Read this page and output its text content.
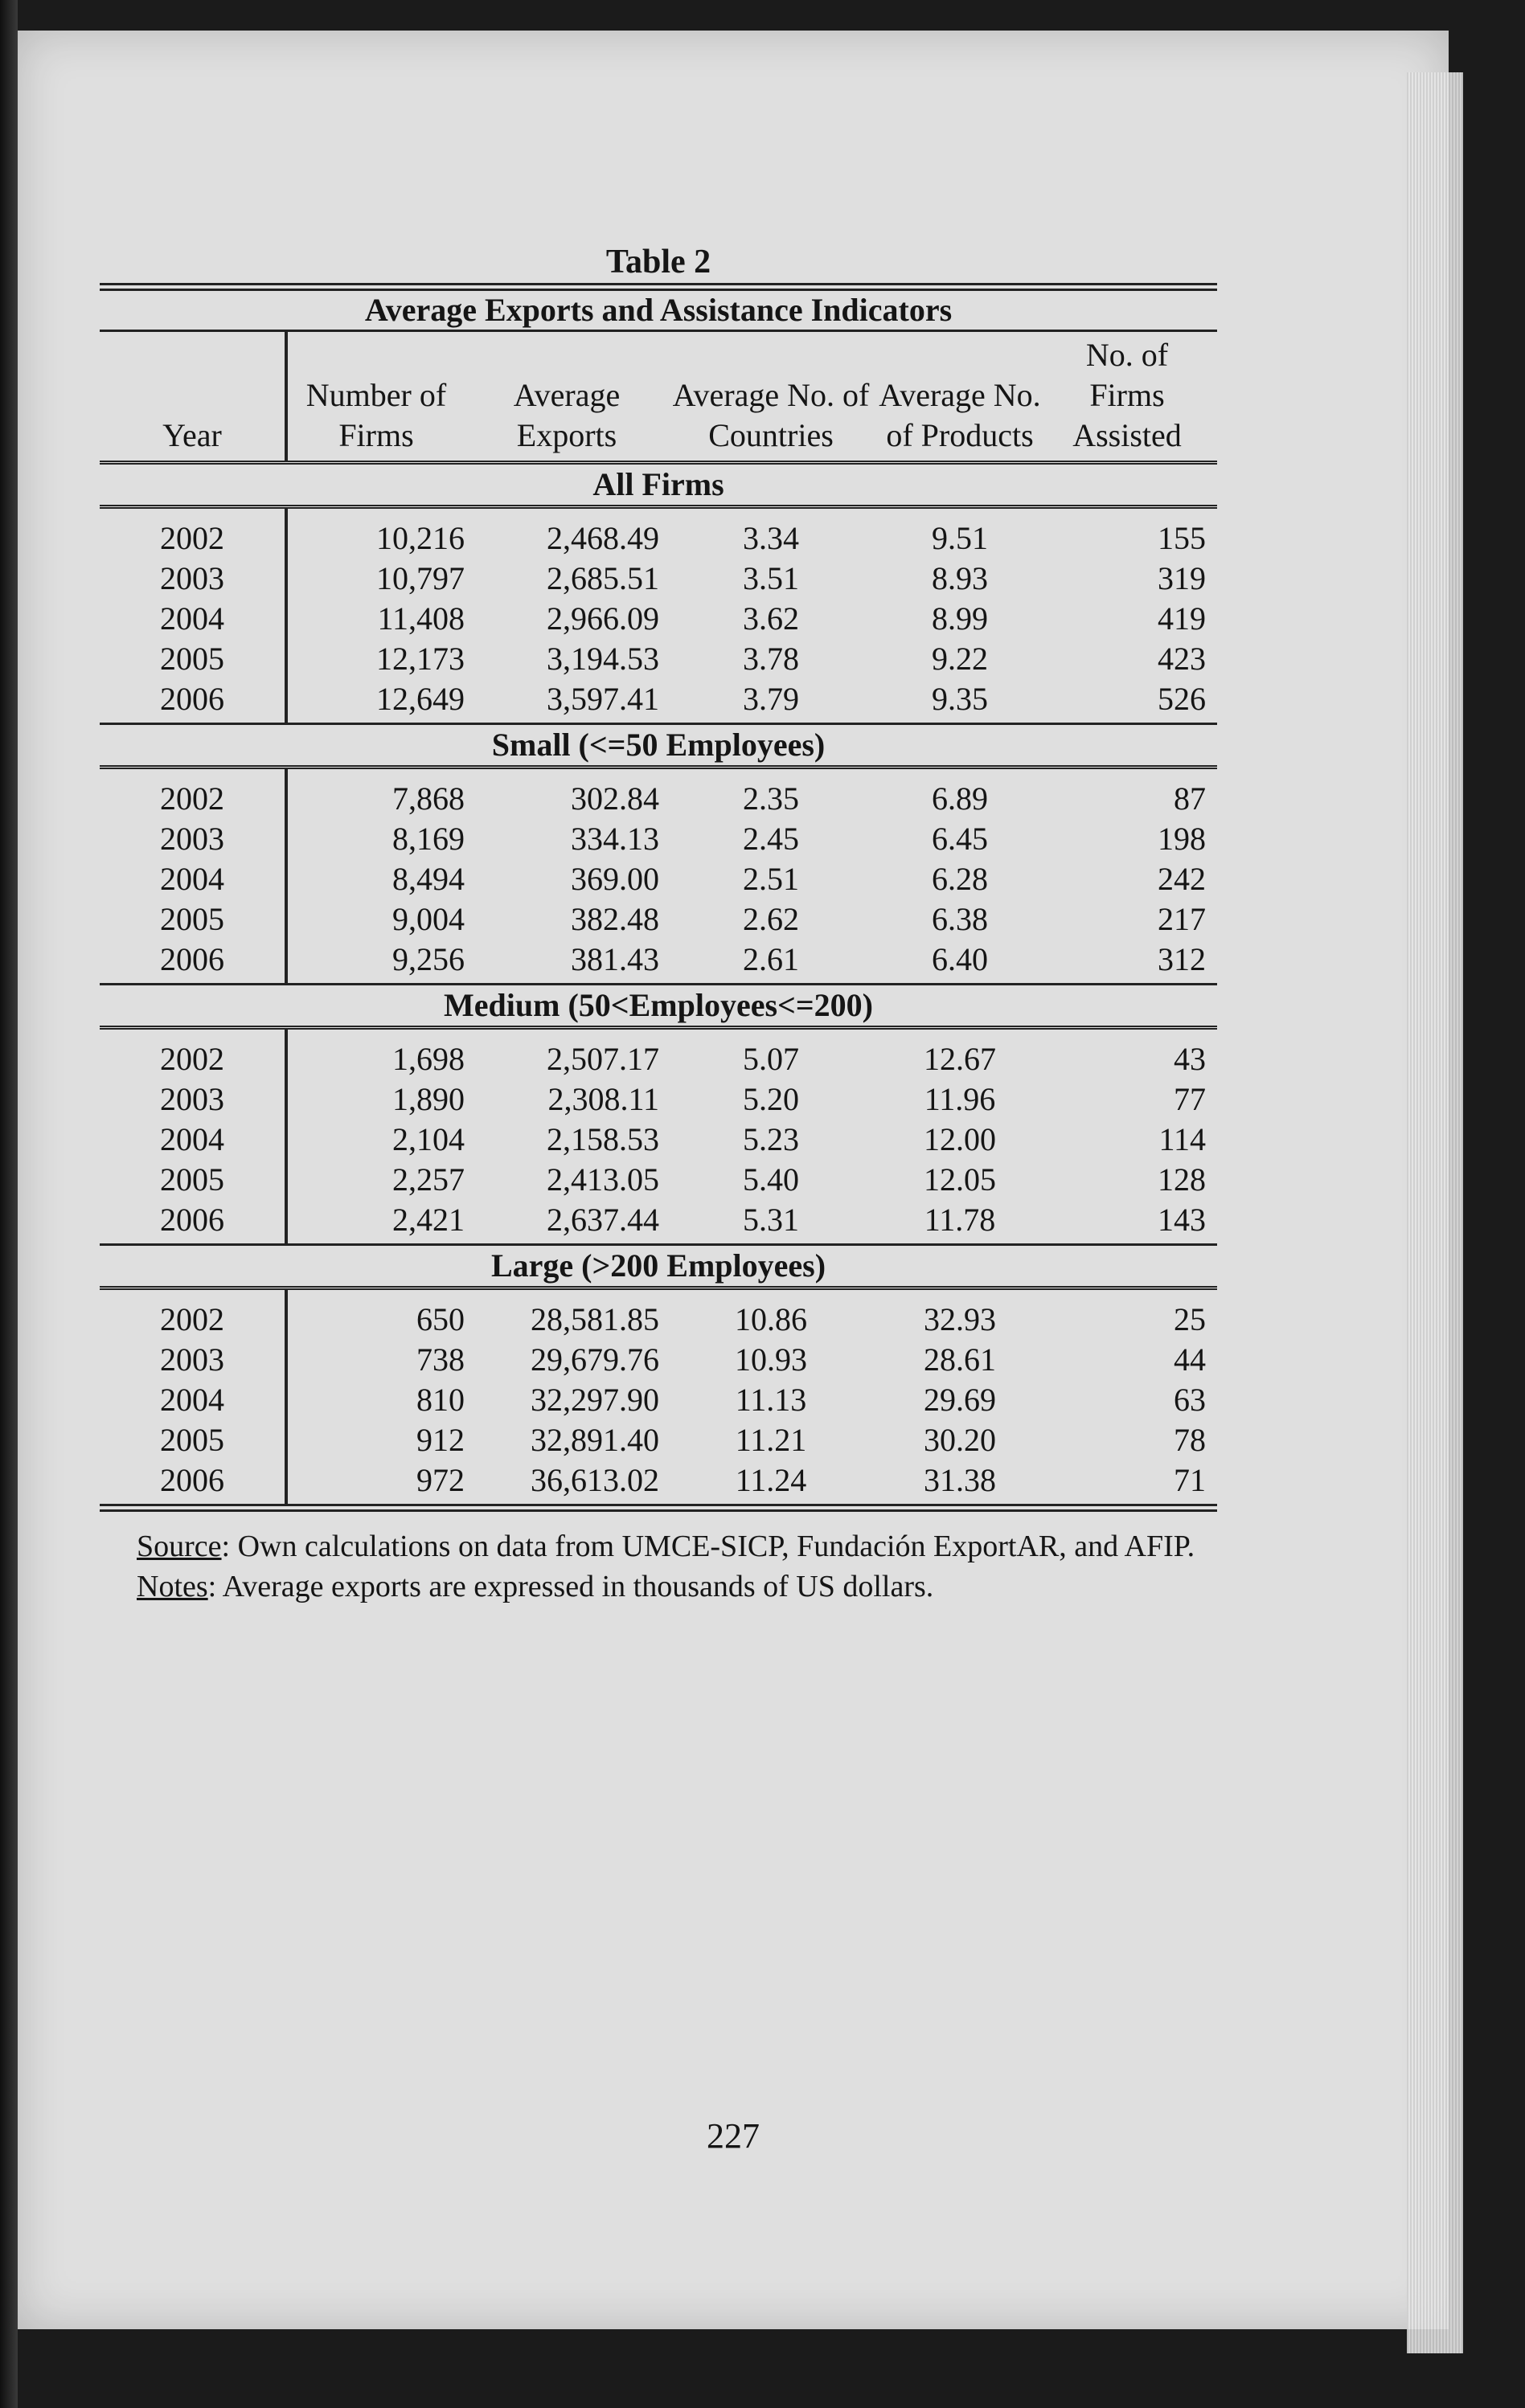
Table 2

Average Exports and Assistance Indicators

Year	Number of Firms	Average Exports	Average No. of Countries	Average No. of Products	No. of Firms Assisted
All Firms					
2002	10,216	2,468.49	3.34	9.51	155
2003	10,797	2,685.51	3.51	8.93	319
2004	11,408	2,966.09	3.62	8.99	419
2005	12,173	3,194.53	3.78	9.22	423
2006	12,649	3,597.41	3.79	9.35	526
Small (<=50 Employees)					
2002	7,868	302.84	2.35	6.89	87
2003	8,169	334.13	2.45	6.45	198
2004	8,494	369.00	2.51	6.28	242
2005	9,004	382.48	2.62	6.38	217
2006	9,256	381.43	2.61	6.40	312
Medium (50<Employees<=200)					
2002	1,698	2,507.17	5.07	12.67	43
2003	1,890	2,308.11	5.20	11.96	77
2004	2,104	2,158.53	5.23	12.00	114
2005	2,257	2,413.05	5.40	12.05	128
2006	2,421	2,637.44	5.31	11.78	143
Large (>200 Employees)					
2002	650	28,581.85	10.86	32.93	25
2003	738	29,679.76	10.93	28.61	44
2004	810	32,297.90	11.13	29.69	63
2005	912	32,891.40	11.21	30.20	78
2006	972	36,613.02	11.24	31.38	71
Source: Own calculations on data from UMCE-SICP, Fundación ExportAR, and AFIP.
Notes: Average exports are expressed in thousands of US dollars.
227
